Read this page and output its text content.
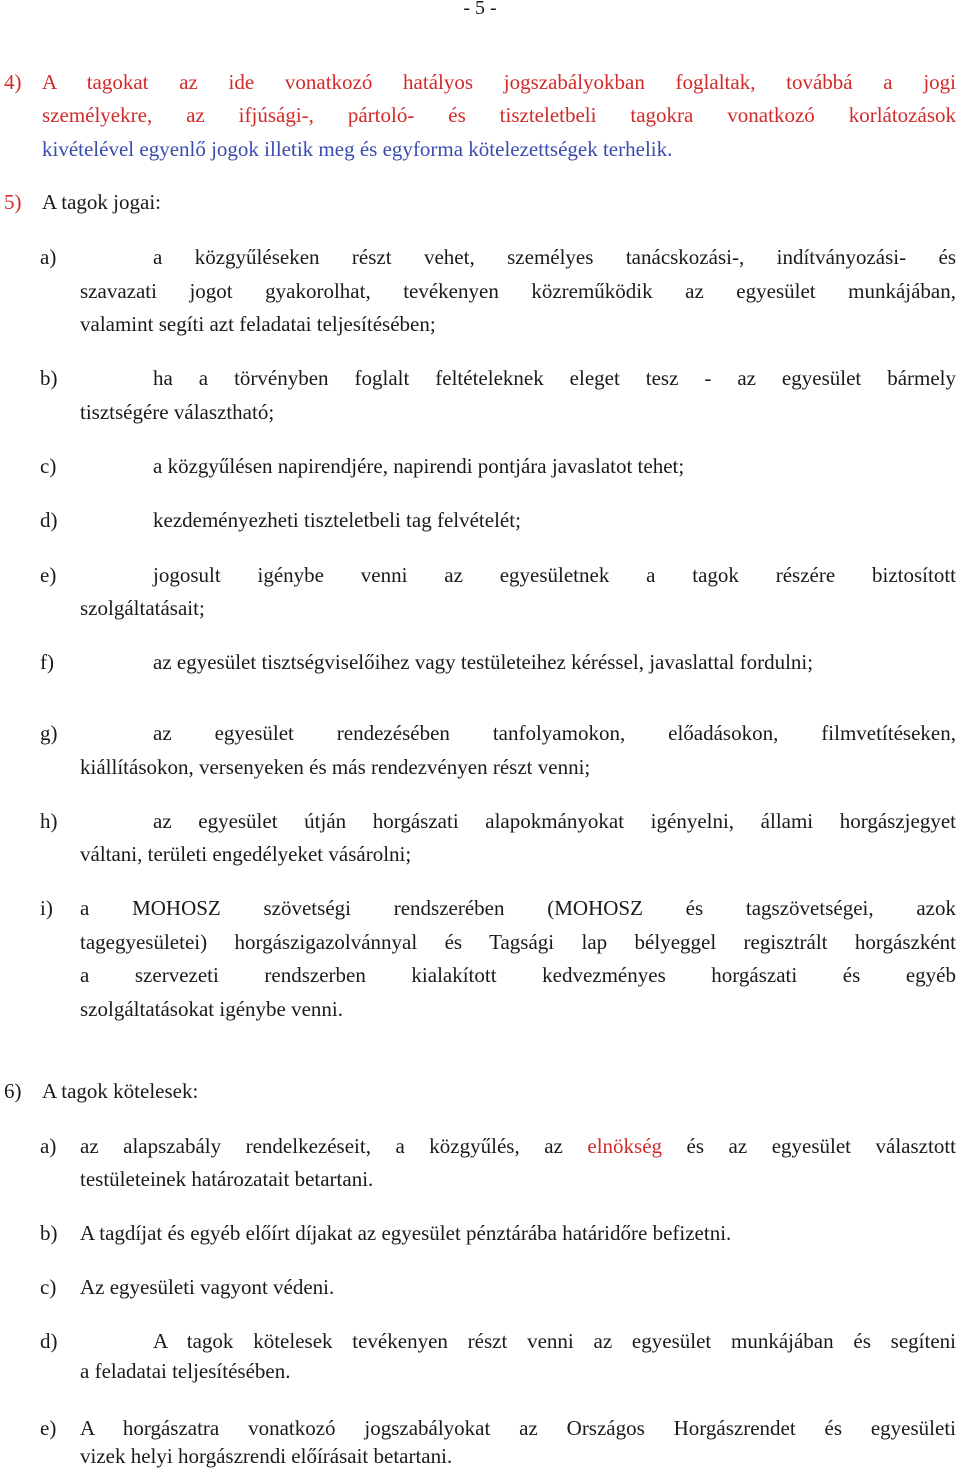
- 5 -
4) A tagokat az ide vonatkozó hatályos jogszabályokban foglaltak, továbbá a jogi
személyekre, az ifjúsági-, pártoló- és tiszteletbeli tagokra vonatkozó korlátozások
kivételével egyenlő jogok illetik meg és egyforma kötelezettségek terhelik.
5) A tagok jogai:
a)	a közgyűléseken részt vehet, személyes tanácskozási-, indítványozási- és
szavazati jogot gyakorolhat, tevékenyen közreműködik az egyesület munkájában,
valamint segíti azt feladatai teljesítésében;
b)	ha a törvényben foglalt feltételeknek eleget tesz - az egyesület bármely
tisztségére választható;
c)	a közgyűlésen napirendjére, napirendi pontjára javaslatot tehet;
d)	kezdeményezheti tiszteletbeli tag felvételét;
e)	jogosult igénybe venni az egyesületnek a tagok részére biztosított
szolgáltatásait;
f)	az egyesület tisztségviselőihez vagy testületeihez kéréssel, javaslattal fordulni;
g)	az egyesület rendezésében tanfolyamokon, előadásokon, filmvetítéseken,
kiállításokon, versenyeken és más rendezvényen részt venni;
h)	az egyesület útján horgászati alapokmányokat igényelni, állami horgászjegyet
váltani, területi engedélyeket vásárolni;
i) a MOHOSZ szövetségi rendszerében (MOHOSZ és tagszövetségei, azok
tagegyesületei) horgászigazolvánnyal és Tagsági lap bélyeggel regisztrált horgászként
a szervezeti rendszerben kialakított kedvezményes horgászati és egyéb
szolgáltatásokat igénybe venni.
6) A tagok kötelesek:
a) az alapszabály rendelkezéseit, a közgyűlés, az elnökség és az egyesület választott
testületeinek határozatait betartani.
b) A tagdíjat és egyéb előírt díjakat az egyesület pénztárába határidőre befizetni.
c) Az egyesületi vagyont védeni.
d)	A tagok kötelesek tevékenyen részt venni az egyesület munkájában és segíteni
a feladatai teljesítésében.
e) A horgászatra vonatkozó jogszabályokat az Országos Horgászrendet és egyesületi
vizek helyi horgászrendi előírásait betartani.
